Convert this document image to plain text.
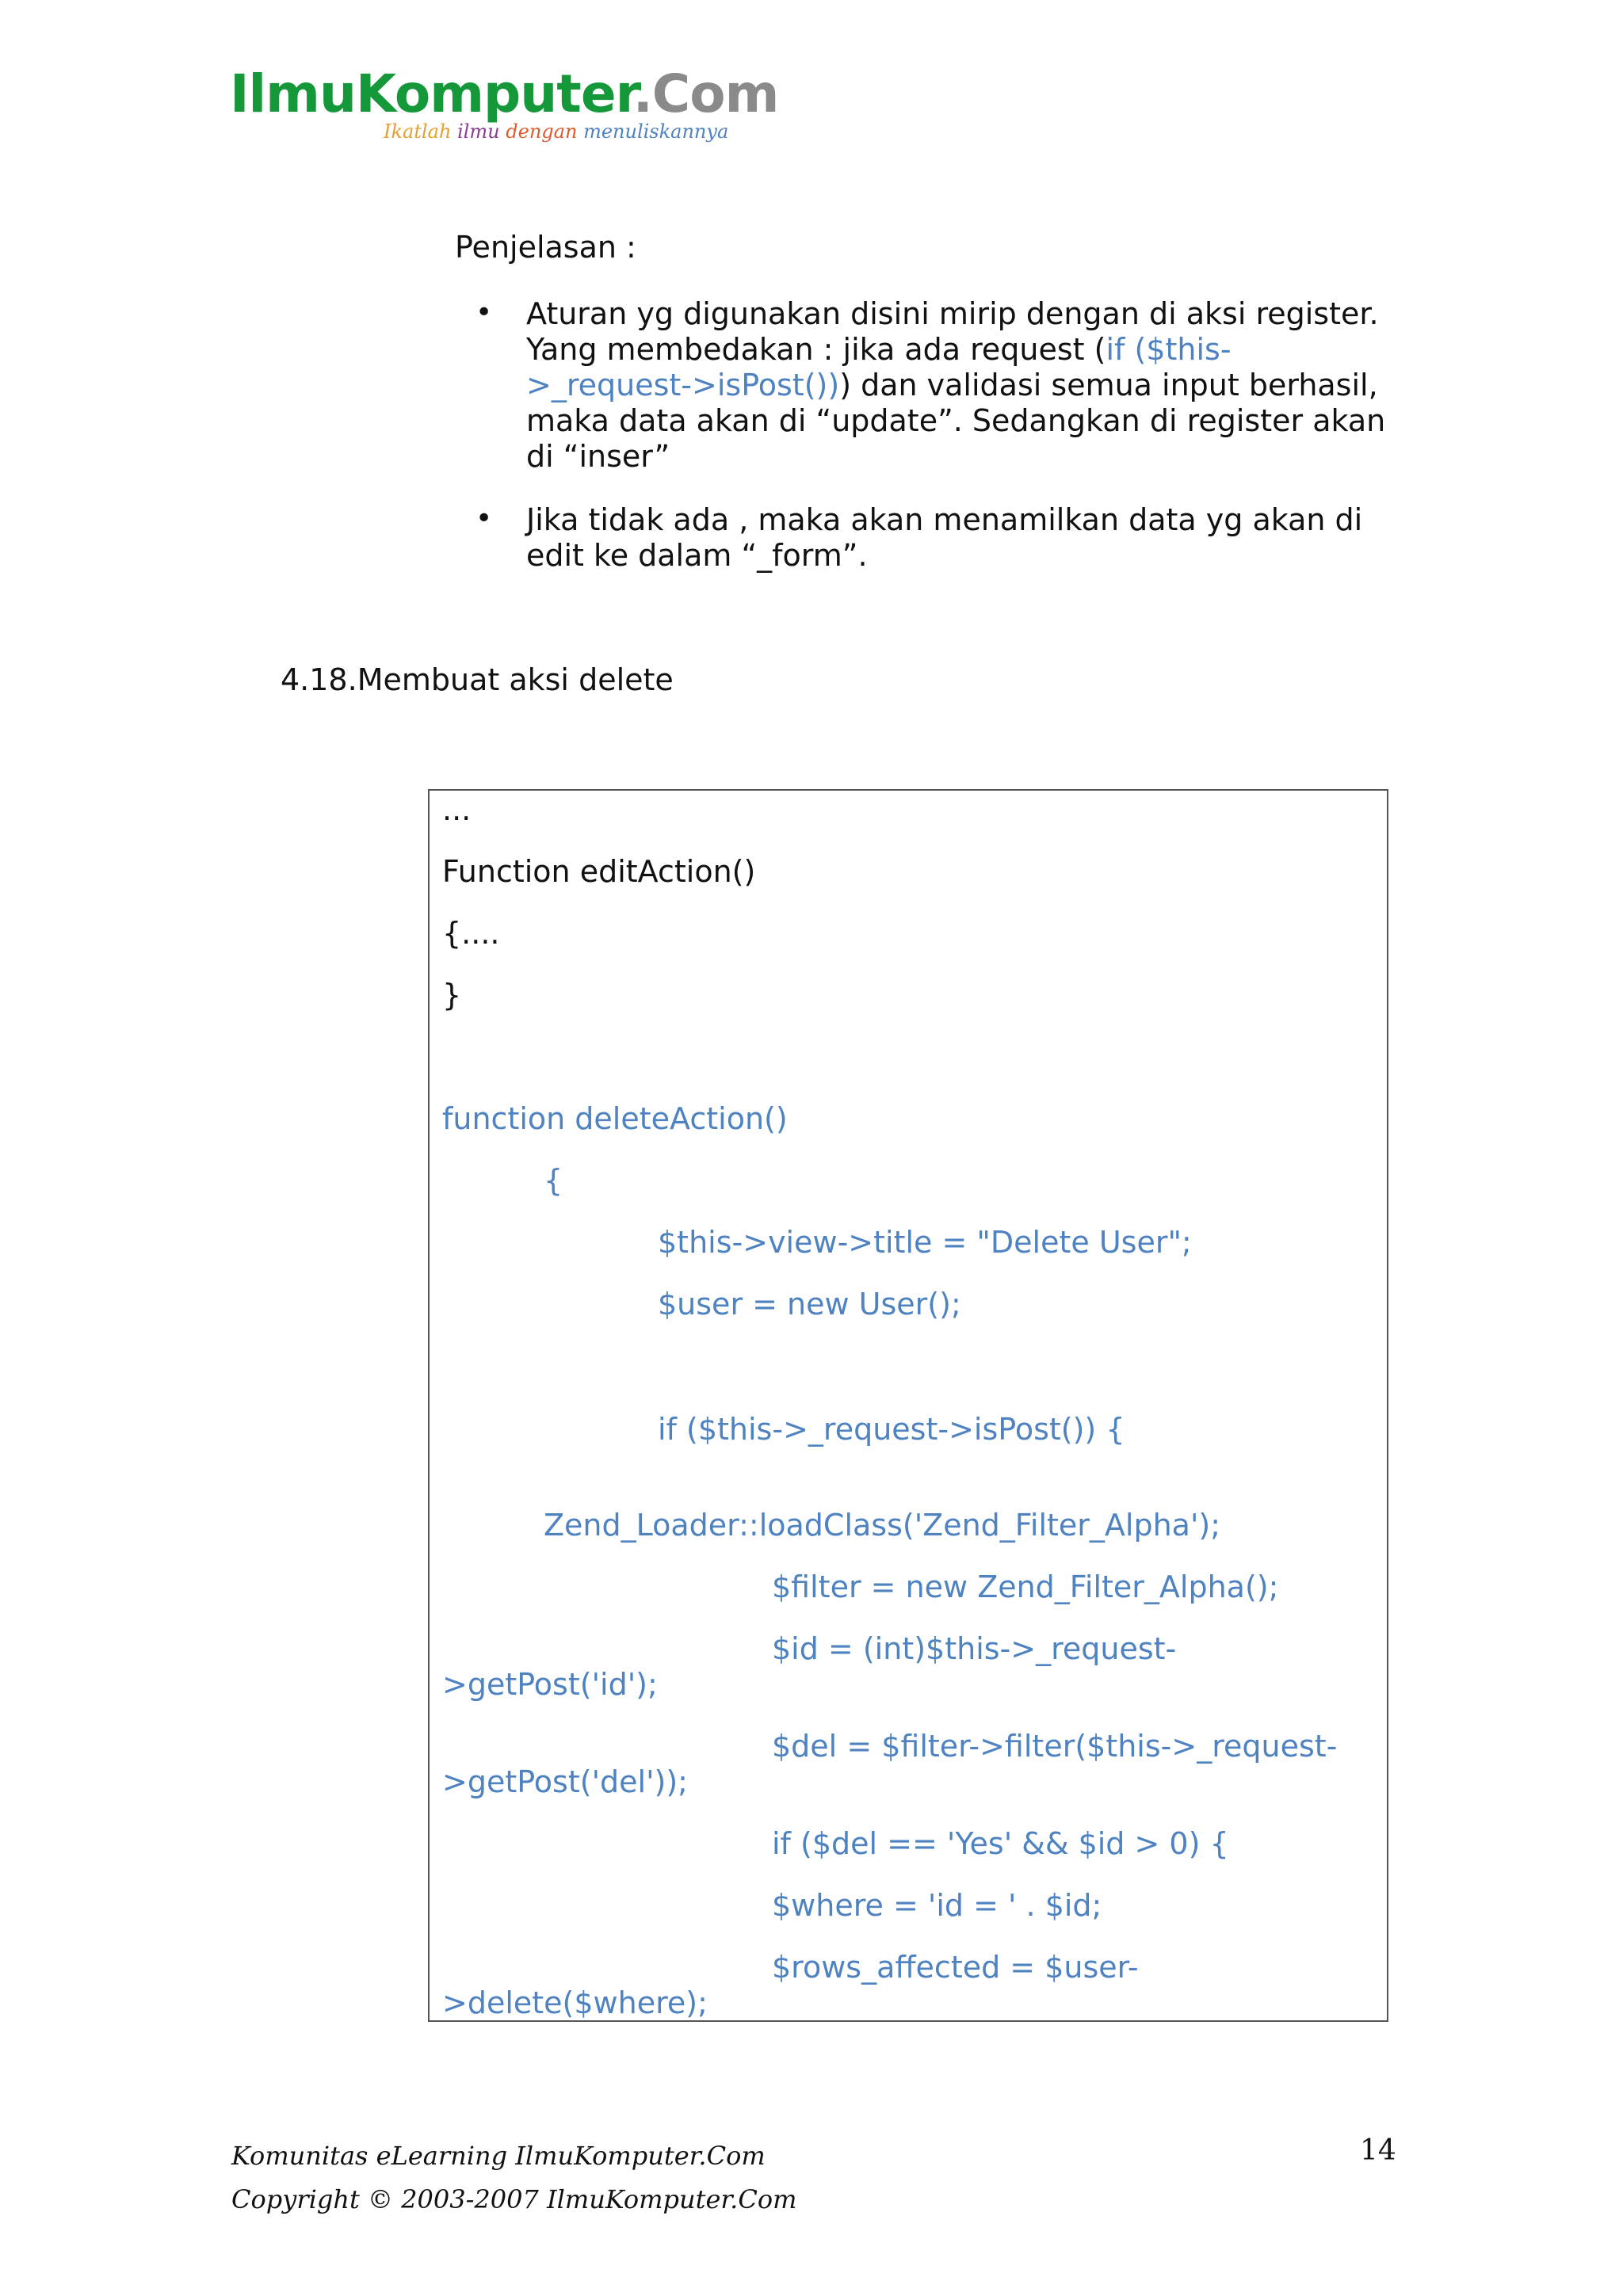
IlmuKomputer.Com
Ikatlah ilmu dengan menuliskannya
Penjelasan :
• Aturan yg digunakan disini mirip dengan di aksi register.
Yang membedakan : jika ada request (if ($this-
>_request->isPost())) dan validasi semua input berhasil,
maka data akan di “update”. Sedangkan di register akan
di “inser”
• Jika tidak ada , maka akan menamilkan data yg akan di
edit ke dalam “_form”.
4.18.Membuat aksi delete
...
Function editAction()
{....
}
function deleteAction()
{
$this->view->title = "Delete User";
$user = new User();
if ($this->_request->isPost()) {
Zend_Loader::loadClass('Zend_Filter_Alpha');
$filter = new Zend_Filter_Alpha();
$id = (int)$this->_request-
>getPost('id');
$del = $filter->filter($this->_request-
>getPost('del'));
if ($del == 'Yes' && $id > 0) {
$where = 'id = ' . $id;
$rows_affected = $user-
>delete($where);
Komunitas eLearning IlmuKomputer.Com
Copyright © 2003-2007 IlmuKomputer.Com
14
